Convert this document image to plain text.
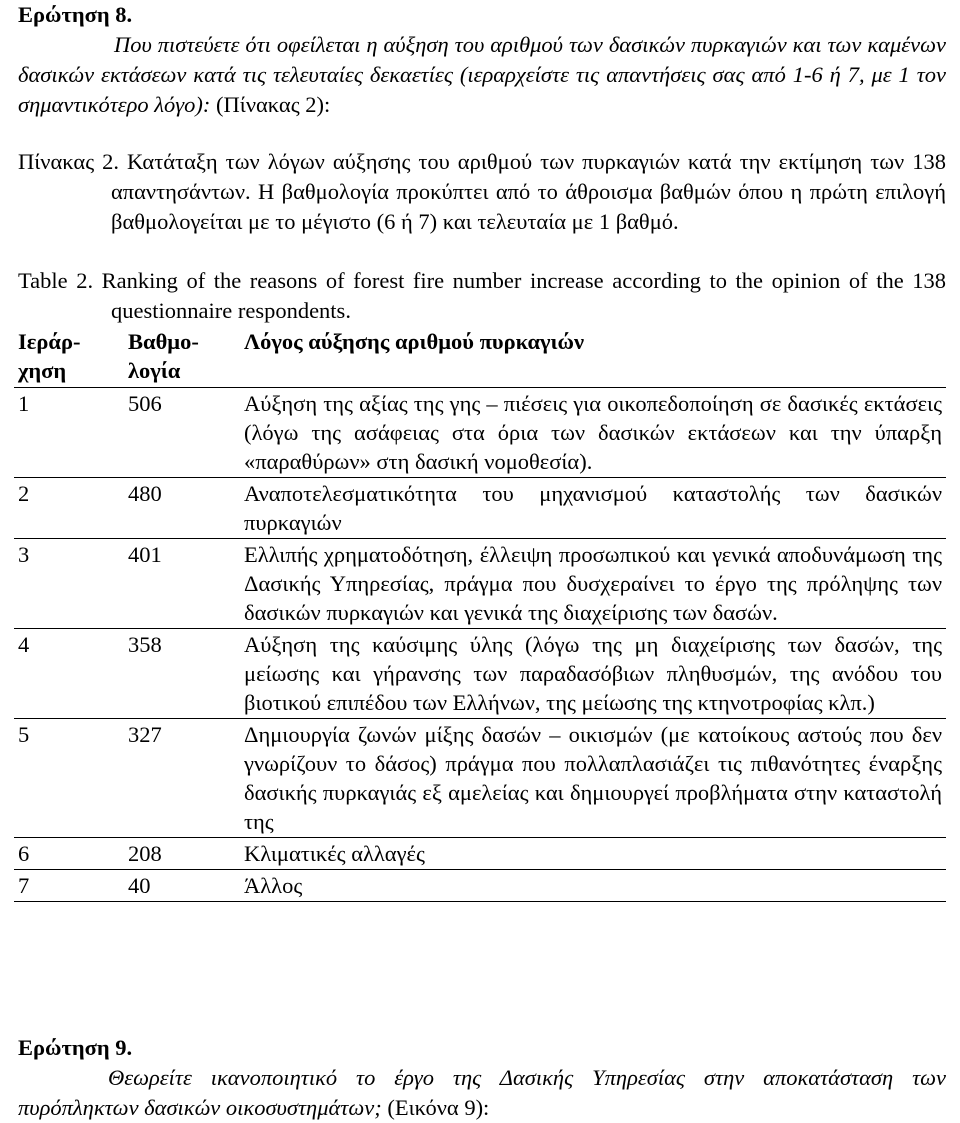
Ερώτηση 8.
Που πιστεύετε ότι οφείλεται η αύξηση του αριθμού των δασικών πυρκαγιών και των καμένων δασικών εκτάσεων κατά τις τελευταίες δεκαετίες (ιεραρχείστε τις απαντήσεις σας από 1-6 ή 7, με 1 τον σημαντικότερο λόγο): (Πίνακας 2):
Πίνακας 2. Κατάταξη των λόγων αύξησης του αριθμού των πυρκαγιών κατά την εκτίμηση των 138 απαντησάντων. Η βαθμολογία προκύπτει από το άθροισμα βαθμών όπου η πρώτη επιλογή βαθμολογείται με το μέγιστο (6 ή 7) και τελευταία με 1 βαθμό.
Table 2. Ranking of the reasons of forest fire number increase according to the opinion of the 138 questionnaire respondents.
Ιεράρ- χηση	Βαθμο- λογία	Λόγος αύξησης αριθμού πυρκαγιών
1	506	Αύξηση της αξίας της γης – πιέσεις για οικοπεδοποίηση σε δασικές εκτάσεις (λόγω της ασάφειας στα όρια των δασικών εκτάσεων και την ύπαρξη «παραθύρων» στη δασική νομοθεσία).
2	480	Αναποτελεσματικότητα του μηχανισμού καταστολής των δασικών πυρκαγιών
3	401	Ελλιπής χρηματοδότηση, έλλειψη προσωπικού και γενικά αποδυνάμωση της Δασικής Υπηρεσίας, πράγμα που δυσχεραίνει το έργο της πρόληψης των δασικών πυρκαγιών και γενικά της διαχείρισης των δασών.
4	358	Αύξηση της καύσιμης ύλης (λόγω της μη διαχείρισης των δασών, της μείωσης και γήρανσης των παραδασόβιων πληθυσμών, της ανόδου του βιοτικού επιπέδου των Ελλήνων, της μείωσης της κτηνοτροφίας κλπ.)
5	327	Δημιουργία ζωνών μίξης δασών – οικισμών (με κατοίκους αστούς που δεν γνωρίζουν το δάσος) πράγμα που πολλαπλασιάζει τις πιθανότητες έναρξης δασικής πυρκαγιάς εξ αμελείας και δημιουργεί προβλήματα στην καταστολή της
6	208	Κλιματικές αλλαγές
7	40	Άλλος
Ερώτηση 9.
Θεωρείτε ικανοποιητικό το έργο της Δασικής Υπηρεσίας στην αποκατάσταση των πυρόπληκτων δασικών οικοσυστημάτων; (Εικόνα 9):
